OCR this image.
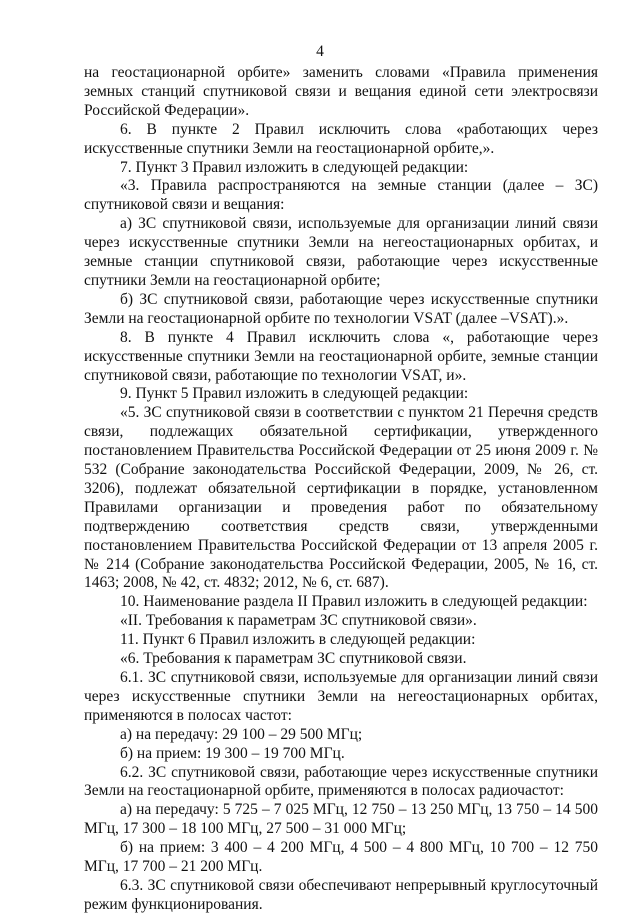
4

на геостационарной орбите» заменить словами «Правила применения земных станций спутниковой связи и вещания единой сети электросвязи Российской Федерации».

6. В пункте 2 Правил исключить слова «работающих через искусственные спутники Земли на геостационарной орбите,».

7. Пункт 3 Правил изложить в следующей редакции:

«3. Правила распространяются на земные станции (далее – ЗС) спутниковой связи и вещания:

а) ЗС спутниковой связи, используемые для организации линий связи через искусственные спутники Земли на негеостационарных орбитах, и земные станции спутниковой связи, работающие через искусственные спутники Земли на геостационарной орбите;

б) ЗС спутниковой связи, работающие через искусственные спутники Земли на геостационарной орбите по технологии VSAT (далее –VSAT).».

8. В пункте 4 Правил исключить слова «, работающие через искусственные спутники Земли на геостационарной орбите, земные станции спутниковой связи, работающие по технологии VSAT, и».

9. Пункт 5 Правил изложить в следующей редакции:

«5. ЗС спутниковой связи в соответствии с пунктом 21 Перечня средств связи, подлежащих обязательной сертификации, утвержденного постановлением Правительства Российской Федерации от 25 июня 2009 г. № 532 (Собрание законодательства Российской Федерации, 2009, № 26, ст. 3206), подлежат обязательной сертификации в порядке, установленном Правилами организации и проведения работ по обязательному подтверждению соответствия средств связи, утвержденными постановлением Правительства Российской Федерации от 13 апреля 2005 г. № 214 (Собрание законодательства Российской Федерации, 2005, № 16, ст. 1463; 2008, № 42, ст. 4832; 2012, № 6, ст. 687).

10. Наименование раздела II Правил изложить в следующей редакции:

«II. Требования к параметрам ЗС спутниковой связи».

11. Пункт 6 Правил изложить в следующей редакции:

«6. Требования к параметрам ЗС спутниковой связи.

6.1. ЗС спутниковой связи, используемые для организации линий связи через искусственные спутники Земли на негеостационарных орбитах, применяются в полосах частот:

а) на передачу: 29 100 – 29 500 МГц;

б) на прием: 19 300 – 19 700 МГц.

6.2. ЗС спутниковой связи, работающие через искусственные спутники Земли на геостационарной орбите, применяются в полосах радиочастот:

а) на передачу: 5 725 – 7 025 МГц, 12 750 – 13 250 МГц, 13 750 – 14 500 МГц, 17 300 – 18 100 МГц, 27 500 – 31 000 МГц;

б) на прием: 3 400 – 4 200 МГц, 4 500 – 4 800 МГц, 10 700 – 12 750 МГц, 17 700 – 21 200 МГц.

6.3. ЗС спутниковой связи обеспечивают непрерывный круглосуточный режим функционирования.
